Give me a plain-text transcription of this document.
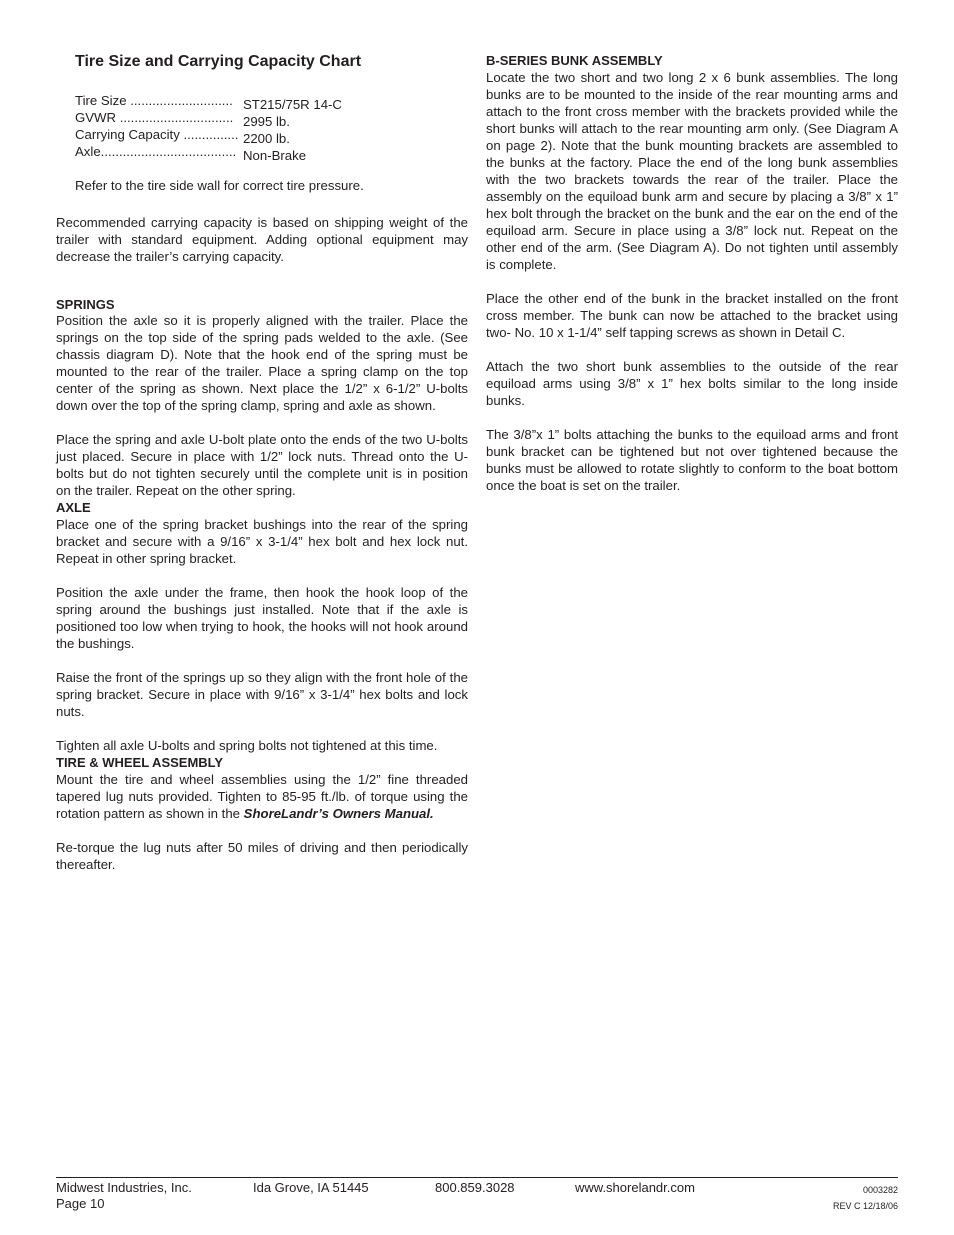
Tire Size and Carrying Capacity Chart
Tire Size ............................ ST215/75R 14-C
GVWR ............................... 2995 lb.
Carrying Capacity ............... 2200 lb.
Axle..................................... Non-Brake

Refer to the tire side wall for correct tire pressure.

Recommended carrying capacity is based on shipping weight of the trailer with standard equipment. Adding optional equipment may decrease the trailer’s carrying capacity.

SPRINGS

Position the axle so it is properly aligned with the trailer. Place the springs on the top side of the spring pads welded to the axle. (See chassis diagram D). Note that the hook end of the spring must be mounted to the rear of the trailer. Place a spring clamp on the top center of the spring as shown. Next place the 1/2” x 6-1/2” U-bolts down over the top of the spring clamp, spring and axle as shown.

Place the spring and axle U-bolt plate onto the ends of the two U-bolts just placed. Secure in place with 1/2” lock nuts. Thread onto the U-bolts but do not tighten securely until the complete unit is in position on the trailer. Repeat on the other spring.

AXLE

Place one of the spring bracket bushings into the rear of the spring bracket and secure with a 9/16” x 3-1/4” hex bolt and hex lock nut. Repeat in other spring bracket.

Position the axle under the frame, then hook the hook loop of the spring around the bushings just installed. Note that if the axle is positioned too low when trying to hook, the hooks will not hook around the bushings.

Raise the front of the springs up so they align with the front hole of the spring bracket. Secure in place with 9/16” x 3-1/4” hex bolts and lock nuts.

Tighten all axle U-bolts and spring bolts not tightened at this time.

TIRE & WHEEL ASSEMBLY

Mount the tire and wheel assemblies using the 1/2” fine threaded tapered lug nuts provided. Tighten to 85-95 ft./lb. of torque using the rotation pattern as shown in the ShoreLandr’s Owners Manual.

Re-torque the lug nuts after 50 miles of driving and then periodically thereafter.

B-SERIES BUNK ASSEMBLY

Locate the two short and two long 2 x 6 bunk assemblies. The long bunks are to be mounted to the inside of the rear mounting arms and attach to the front cross member with the brackets provided while the short bunks will attach to the rear mounting arm only. (See Diagram A on page 2). Note that the bunk mounting brackets are assembled to the bunks at the factory. Place the end of the long bunk assemblies with the two brackets towards the rear of the trailer. Place the assembly on the equiload bunk arm and secure by placing a 3/8” x 1” hex bolt through the bracket on the bunk and the ear on the end of the equiload arm. Secure in place using a 3/8” lock nut. Repeat on the other end of the arm. (See Diagram A). Do not tighten until assembly is complete.

Place the other end of the bunk in the bracket installed on the front cross member. The bunk can now be attached to the bracket using two- No. 10 x 1-1/4” self tapping screws as shown in Detail C.

Attach the two short bunk assemblies to the outside of the rear equiload arms using 3/8” x 1” hex bolts similar to the long inside bunks.

The 3/8”x 1” bolts attaching the bunks to the equiload arms and front bunk bracket can be tightened but not over tightened because the bunks must be allowed to rotate slightly to conform to the boat bottom once the boat is set on the trailer.

Midwest Industries, Inc.
Page 10
Ida Grove, IA 51445	800.859.3028	www.shorelandr.com	0003282
REV C 12/18/06
